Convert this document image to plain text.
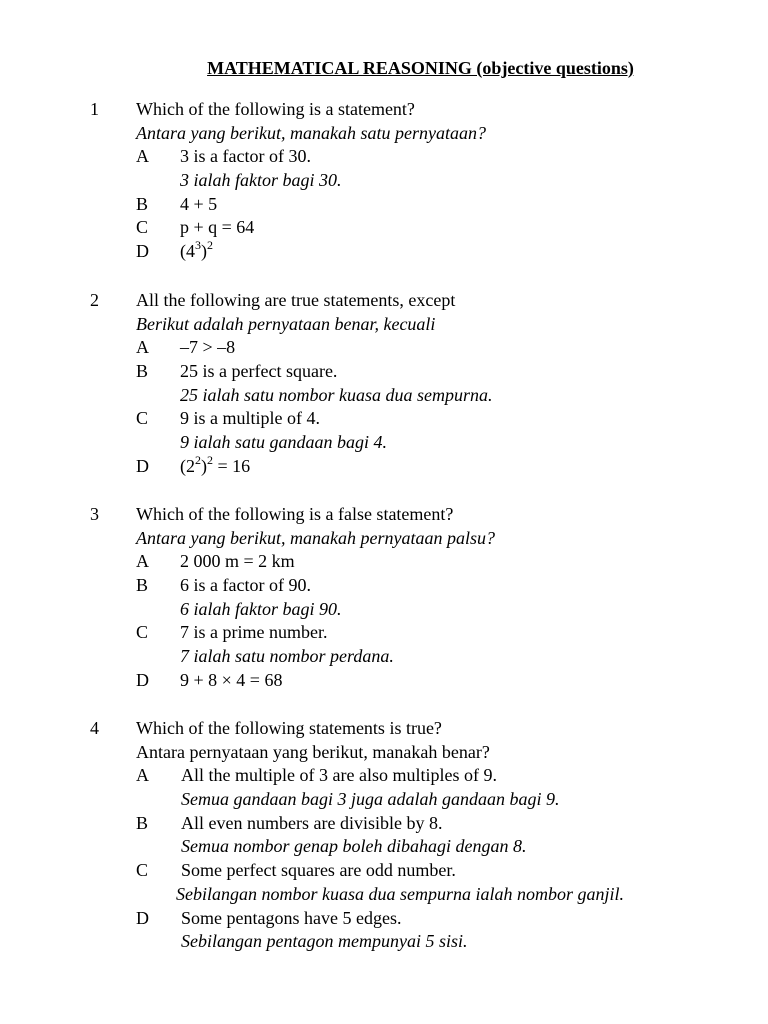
MATHEMATICAL REASONING (objective questions)
1 Which of the following is a statement?
Antara yang berikut, manakah satu pernyataan?
A 3 is a factor of 30.
3 ialah faktor bagi 30.
B 4 + 5
C p + q = 64
D $(4^3)^2$
2 All the following are true statements, except
Berikut adalah pernyataan benar, kecuali
A –7 > –8
B 25 is a perfect square.
25 ialah satu nombor kuasa dua sempurna.
C 9 is a multiple of 4.
9 ialah satu gandaan bagi 4.
D $(2^2)^2 = 16$
3 Which of the following is a false statement?
Antara yang berikut, manakah pernyataan palsu?
A 2 000 m = 2 km
B 6 is a factor of 90.
6 ialah faktor bagi 90.
C 7 is a prime number.
7 ialah satu nombor perdana.
D 9 + 8 × 4 = 68
4 Which of the following statements is true?
Antara pernyataan yang berikut, manakah benar?
A All the multiple of 3 are also multiples of 9.
Semua gandaan bagi 3 juga adalah gandaan bagi 9.
B All even numbers are divisible by 8.
Semua nombor genap boleh dibahagi dengan 8.
C Some perfect squares are odd number.
Sebilangan nombor kuasa dua sempurna ialah nombor ganjil.
D Some pentagons have 5 edges.
Sebilangan pentagon mempunyai 5 sisi.
